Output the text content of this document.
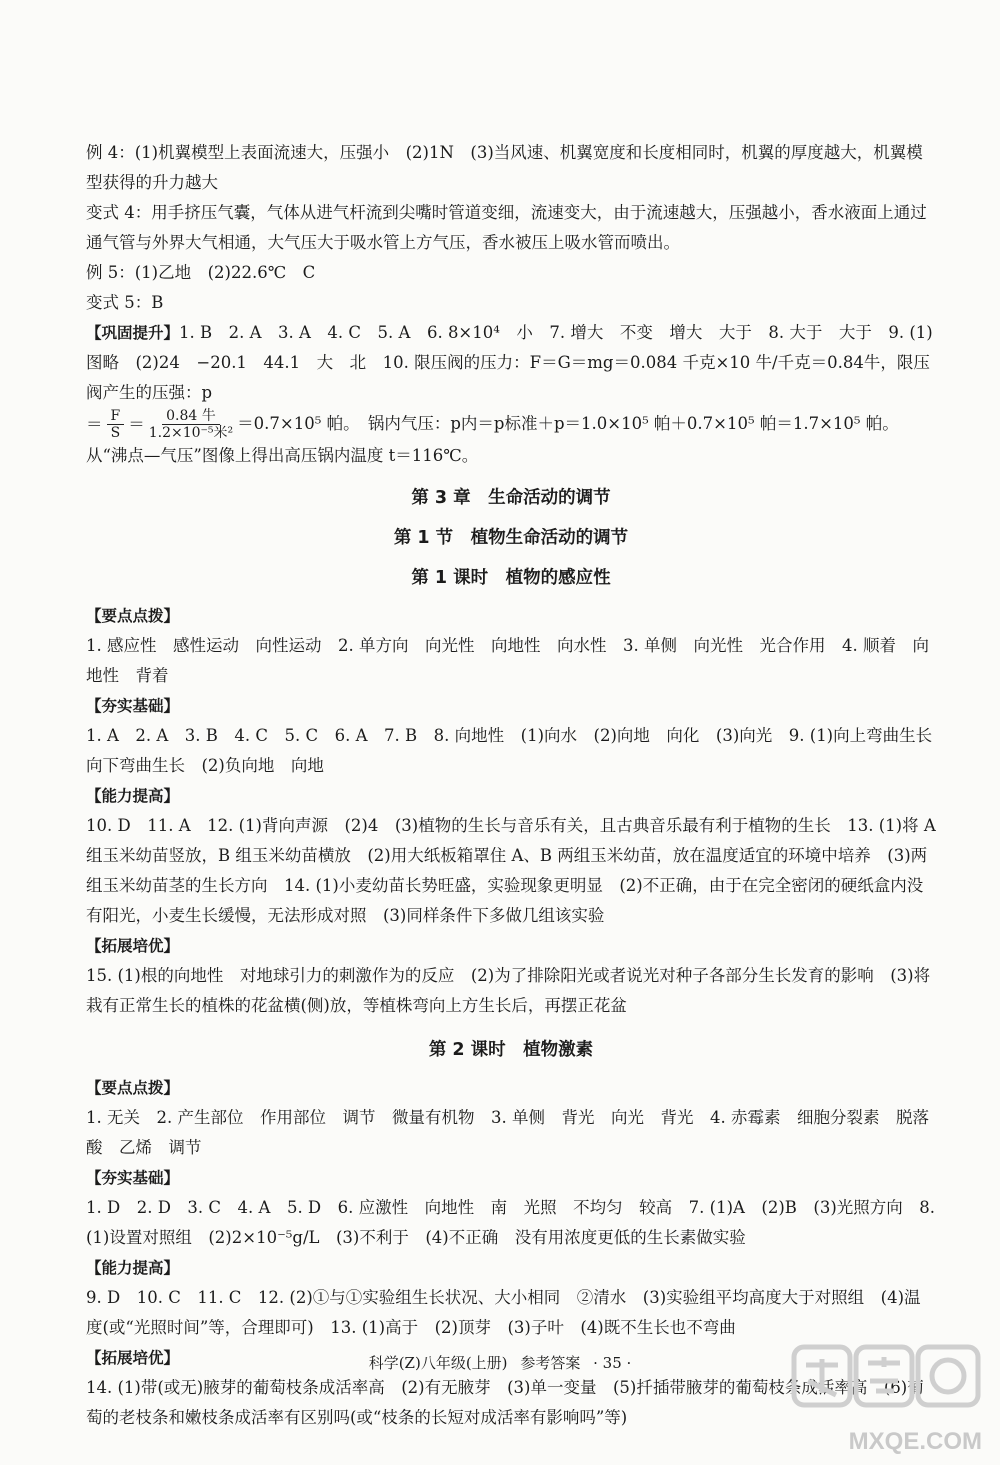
例 4：(1)机翼模型上表面流速大，压强小　(2)1N　(3)当风速、机翼宽度和长度相同时，机翼的厚度越大，机翼模型获得的升力越大

变式 4：用手挤压气囊，气体从进气杆流到尖嘴时管道变细，流速变大，由于流速越大，压强越小，香水液面上通过通气管与外界大气相通，大气压大于吸水管上方气压，香水被压上吸水管而喷出。

例 5：(1)乙地　(2)22.6℃　C

变式 5：B

【巩固提升】1. B　2. A　3. A　4. C　5. A　6. 8×10⁴　小　7. 增大　不变　增大　大于　8. 大于　大于　9. (1)图略　(2)24　−20.1　44.1　大　北　10. 限压阀的压力：F＝G＝mg＝0.084 千克×10 牛/千克＝0.84牛，限压阀产生的压强：p

＝ $\frac{F}{S} = \frac{\text{0.84 牛}}{\text{1.2×10⁻⁵米²}} =0.7\times 10^5$ 帕。　锅内气压：p内＝p标准＋p＝1.0×10⁵ 帕＋0.7×10⁵ 帕＝1.7×10⁵ 帕。从“沸点—气压”图像上得出高压锅内温度 t＝116℃。

第 3 章　生命活动的调节

第 1 节　植物生命活动的调节

第 1 课时　植物的感应性

【要点点拨】

1. 感应性　感性运动　向性运动　2. 单方向　向光性　向地性　向水性　3. 单侧　向光性　光合作用　4. 顺着　向地性　背着

【夯实基础】

1. A　2. A　3. B　4. C　5. C　6. A　7. B　8. 向地性　(1)向水　(2)向地　向化　(3)向光　9. (1)向上弯曲生长　向下弯曲生长　(2)负向地　向地

【能力提高】

10. D　11. A　12. (1)背向声源　(2)4　(3)植物的生长与音乐有关，且古典音乐最有利于植物的生长　13. (1)将 A 组玉米幼苗竖放，B 组玉米幼苗横放　(2)用大纸板箱罩住 A、B 两组玉米幼苗，放在温度适宜的环境中培养　(3)两组玉米幼苗茎的生长方向　14. (1)小麦幼苗长势旺盛，实验现象更明显　(2)不正确，由于在完全密闭的硬纸盒内没有阳光，小麦生长缓慢，无法形成对照　(3)同样条件下多做几组该实验

【拓展培优】

15. (1)根的向地性　对地球引力的刺激作为的反应　(2)为了排除阳光或者说光对种子各部分生长发育的影响　(3)将栽有正常生长的植株的花盆横(侧)放，等植株弯向上方生长后，再摆正花盆

第 2 课时　植物激素

【要点点拨】

1. 无关　2. 产生部位　作用部位　调节　微量有机物　3. 单侧　背光　向光　背光　4. 赤霉素　细胞分裂素　脱落酸　乙烯　调节

【夯实基础】

1. D　2. D　3. C　4. A　5. D　6. 应激性　向地性　南　光照　不均匀　较高　7. (1)A　(2)B　(3)光照方向　8. (1)设置对照组　(2)2×10⁻⁵g/L　(3)不利于　(4)不正确　没有用浓度更低的生长素做实验

【能力提高】

9. D　10. C　11. C　12. (2)①与①实验组生长状况、大小相同　②清水　(3)实验组平均高度大于对照组　(4)温度(或“光照时间”等，合理即可)　13. (1)高于　(2)顶芽　(3)子叶　(4)既不生长也不弯曲

【拓展培优】

14. (1)带(或无)腋芽的葡萄枝条成活率高　(2)有无腋芽　(3)单一变量　(5)扦插带腋芽的葡萄枝条成活率高　(6)葡萄的老枝条和嫩枝条成活率有区别吗(或“枝条的长短对成活率有影响吗”等)

科学(Z)八年级(上册) 参考答案 · 35 ·
MXQE.COM
